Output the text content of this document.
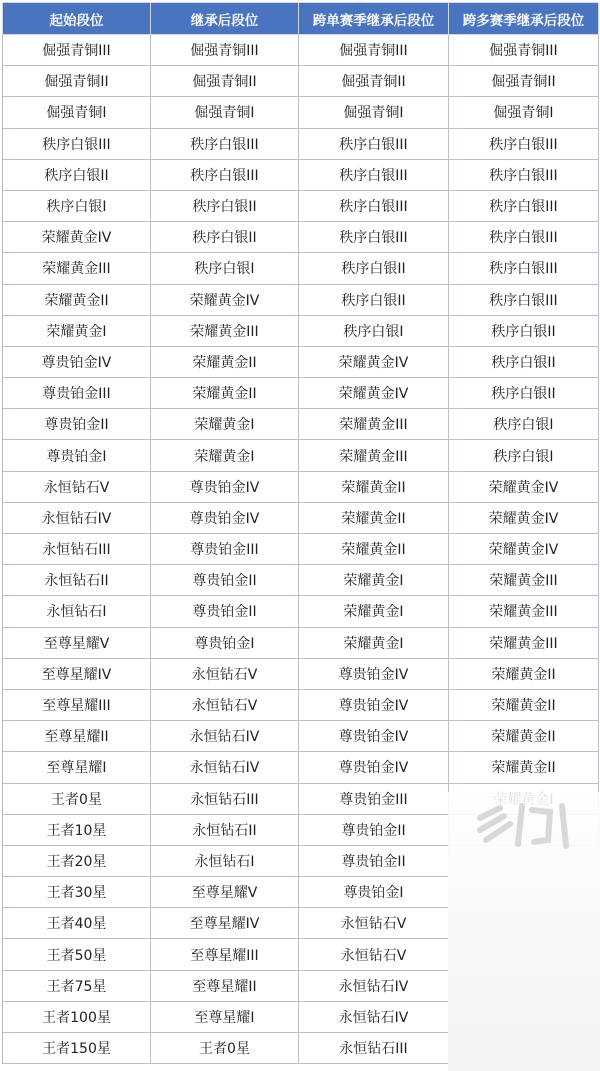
起始段位	继承后段位	跨单赛季继承后段位	跨多赛季继承后段位
倔强青铜III	倔强青铜III	倔强青铜III	倔强青铜III
倔强青铜II	倔强青铜II	倔强青铜II	倔强青铜II
倔强青铜I	倔强青铜I	倔强青铜I	倔强青铜I
秩序白银III	秩序白银III	秩序白银III	秩序白银III
秩序白银II	秩序白银III	秩序白银III	秩序白银III
秩序白银I	秩序白银II	秩序白银III	秩序白银III
荣耀黄金IV	秩序白银II	秩序白银III	秩序白银III
荣耀黄金III	秩序白银I	秩序白银II	秩序白银III
荣耀黄金II	荣耀黄金IV	秩序白银II	秩序白银III
荣耀黄金I	荣耀黄金III	秩序白银I	秩序白银II
尊贵铂金IV	荣耀黄金II	荣耀黄金IV	秩序白银II
尊贵铂金III	荣耀黄金II	荣耀黄金IV	秩序白银II
尊贵铂金II	荣耀黄金I	荣耀黄金III	秩序白银I
尊贵铂金I	荣耀黄金I	荣耀黄金III	秩序白银I
永恒钻石V	尊贵铂金IV	荣耀黄金II	荣耀黄金IV
永恒钻石IV	尊贵铂金IV	荣耀黄金II	荣耀黄金IV
永恒钻石III	尊贵铂金III	荣耀黄金II	荣耀黄金IV
永恒钻石II	尊贵铂金II	荣耀黄金I	荣耀黄金III
永恒钻石I	尊贵铂金II	荣耀黄金I	荣耀黄金III
至尊星耀V	尊贵铂金I	荣耀黄金I	荣耀黄金III
至尊星耀IV	永恒钻石V	尊贵铂金IV	荣耀黄金II
至尊星耀III	永恒钻石V	尊贵铂金IV	荣耀黄金II
至尊星耀II	永恒钻石IV	尊贵铂金IV	荣耀黄金II
至尊星耀I	永恒钻石IV	尊贵铂金IV	荣耀黄金II
王者0星	永恒钻石III	尊贵铂金III	
王者10星	永恒钻石II	尊贵铂金II	
王者20星	永恒钻石I	尊贵铂金II	
王者30星	至尊星耀V	尊贵铂金I	
王者40星	至尊星耀IV	永恒钻石V	
王者50星	至尊星耀III	永恒钻石V	
王者75星	至尊星耀II	永恒钻石IV	
王者100星	至尊星耀I	永恒钻石IV	
王者150星	王者0星	永恒钻石III	
